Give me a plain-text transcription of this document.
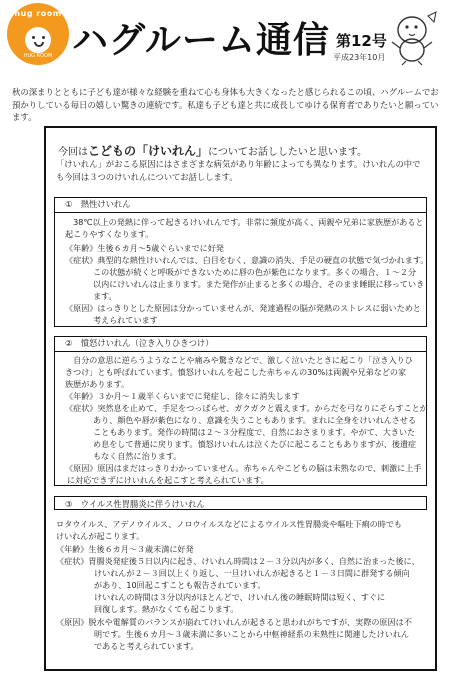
hug room
HUG ROOM ハグルーム通信 第12号
平成23年10月
秋の深まりとともに子ども達が様々な経験を重ねて心も身体も大きくなったと感じられるこの頃、ハグルームでお預かりしている毎日の嬉しい驚きの連続です。私達も子ども達と共に成長してゆける保育者でありたいと願っています。
今回はこどもの「けいれん」についてお話ししたいと思います。
「けいれん」がおこる原因にはさまざまな病気があり年齢によっても異なります。けいれんの中でも今回は３つのけいれんについてお話しします。
①　熱性けいれん
　38℃以上の発熱に伴って起きるけいれんです。非常に頻度が高く、両親や兄弟に家族歴があると
起こりやすくなります。
《年齢》生後６カ月～5歳ぐらいまでに好発
《症状》典型的な熱性けいれんでは、白目をむく、意識の消失、手足の硬直の状態で気づかれます。
この状態が続くと呼吸ができないために唇の色が紫色になります。多くの場合、１～２分
以内にけいれんは止まります。また発作が止まると多くの場合、そのまま睡眠に移っていき
ます。
《原因》はっきりとした原因は分かっていませんが、発達過程の脳が発熱のストレスに弱いためと
考えられています
②　憤怒けいれん（泣き入りひきつけ）
　自分の意思に逆らうようなことや痛みや驚きなどで、激しく泣いたときに起こり「泣き入りひ
きつけ」とも呼ばれています。憤怒けいれんを起こした赤ちゃんの30%は両親や兄弟などの家
族歴があります。
《年齢》３か月～１歳半くらいまでに発症し、徐々に消失します
《症状》突然息を止めて、手足をつっぱらせ、ガクガクと震えます。からだを弓なりにそらすことが
あり、顔色や唇が紫色になり、意識を失うこともあります。まれに全身をけいれんさせる
こともあります。発作の時間は２～３分程度で、自然におさまります。やがて、大きいた
め息をして普通に戻ります。憤怒けいれんは泣くたびに起こることもありますが、後遺症
もなく自然に治ります。
《原因》原因はまだはっきりわかっていません。赤ちゃんやこどもの脳は未熟なので、刺激に上手
に対応できずにけいれんを起こすと考えられています。
③　ウイルス性胃腸炎に伴うけいれん
ロタウイルス、アデノウイルス、ノロウイルスなどによるウイルス性胃腸炎や嘔吐下痢の時でも
けいれんが起こります。
《年齢》生後６カ月～３歳未満に好発
《症状》胃腸炎発症後５日以内に起き、けいれん時間は２－３分以内が多く、自然に治まった後に、
けいれんが２－３回以上くり返し、一旦けいれんが起きると１－３日間に群発する傾向
があり、10回起こすことも報告されています。
けいれんの時間は３分以内がほとんどで、けいれん後の睡眠時間は短く、すぐに
回復します。熱がなくても起こります。
《原因》脱水や電解質のバランスが崩れてけいれんが起きると思われがちですが、実際の原因は不
明です。生後６カ月～３歳未満に多いことから中枢神経系の未熟性に関連したけいれん
であると考えられています。
